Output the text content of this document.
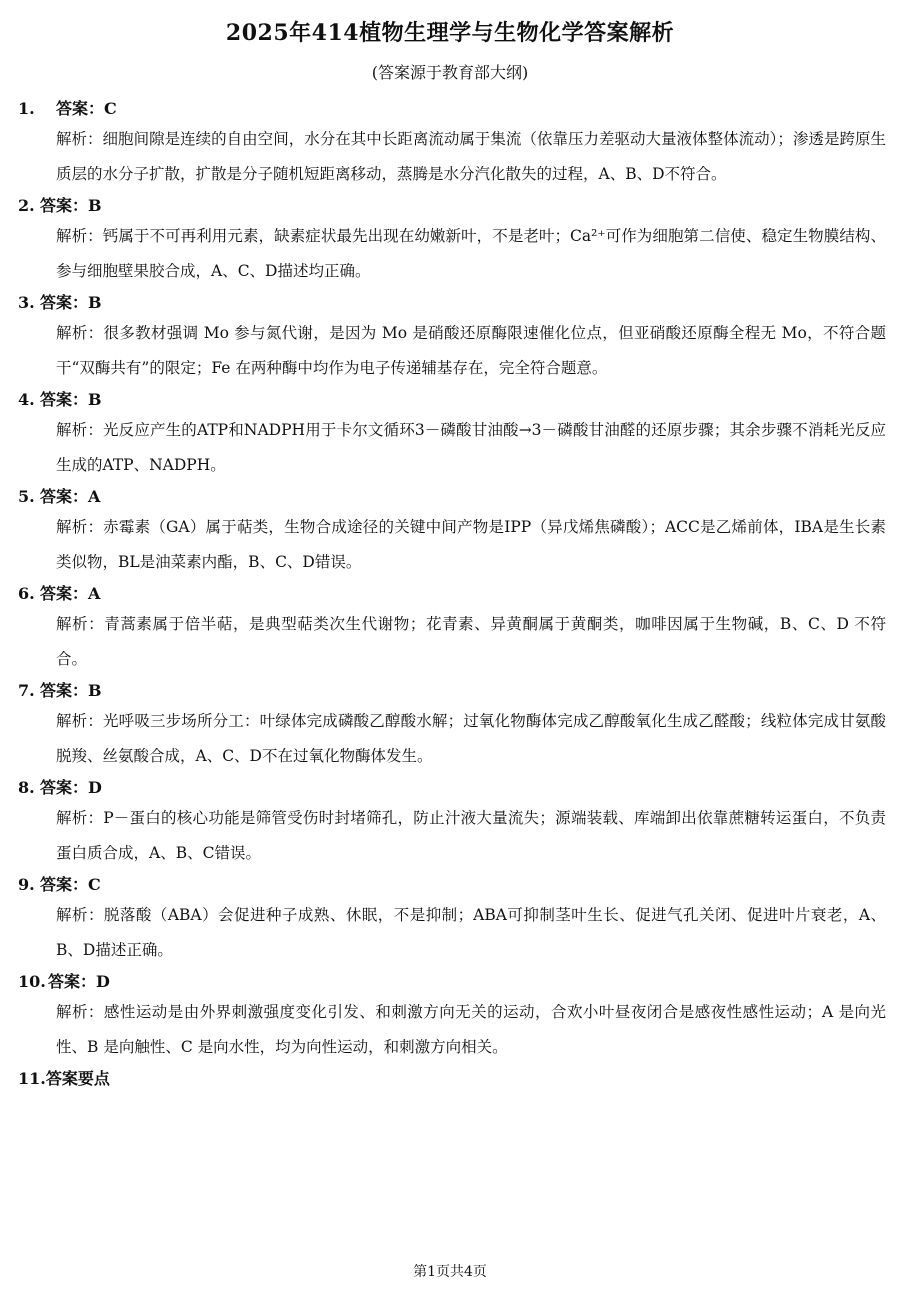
2025年414植物生理学与生物化学答案解析
(答案源于教育部大纲)
1. 答案：C
解析：细胞间隙是连续的自由空间，水分在其中长距离流动属于集流（依靠压力差驱动大量液体整体流动）；渗透是跨原生质层的水分子扩散，扩散是分子随机短距离移动，蒸腾是水分汽化散失的过程，A、B、D不符合。
2. 答案：B
解析：钙属于不可再利用元素，缺素症状最先出现在幼嫩新叶，不是老叶；Ca²⁺可作为细胞第二信使、稳定生物膜结构、参与细胞壁果胶合成，A、C、D描述均正确。
3. 答案：B
解析：很多教材强调 Mo 参与氮代谢，是因为 Mo 是硝酸还原酶限速催化位点，但亚硝酸还原酶全程无 Mo，不符合题干“双酶共有”的限定；Fe 在两种酶中均作为电子传递辅基存在，完全符合题意。
4. 答案：B
解析：光反应产生的ATP和NADPH用于卡尔文循环3－磷酸甘油酸→3－磷酸甘油醛的还原步骤；其余步骤不消耗光反应生成的ATP、NADPH。
5. 答案：A
解析：赤霉素（GA）属于萜类，生物合成途径的关键中间产物是IPP（异戊烯焦磷酸）；ACC是乙烯前体，IBA是生长素类似物，BL是油菜素内酯，B、C、D错误。
6. 答案：A
解析：青蒿素属于倍半萜，是典型萜类次生代谢物；花青素、异黄酮属于黄酮类，咖啡因属于生物碱，B、C、D 不符合。
7. 答案：B
解析：光呼吸三步场所分工：叶绿体完成磷酸乙醇酸水解；过氧化物酶体完成乙醇酸氧化生成乙醛酸；线粒体完成甘氨酸脱羧、丝氨酸合成，A、C、D不在过氧化物酶体发生。
8. 答案：D
解析：P－蛋白的核心功能是筛管受伤时封堵筛孔，防止汁液大量流失；源端装载、库端卸出依靠蔗糖转运蛋白，不负责蛋白质合成，A、B、C错误。
9. 答案：C
解析：脱落酸（ABA）会促进种子成熟、休眠，不是抑制；ABA可抑制茎叶生长、促进气孔关闭、促进叶片衰老，A、B、D描述正确。
10. 答案：D
解析：感性运动是由外界刺激强度变化引发、和刺激方向无关的运动，合欢小叶昼夜闭合是感夜性感性运动；A 是向光性、B 是向触性、C 是向水性，均为向性运动，和刺激方向相关。
11.答案要点
第1页共4页
